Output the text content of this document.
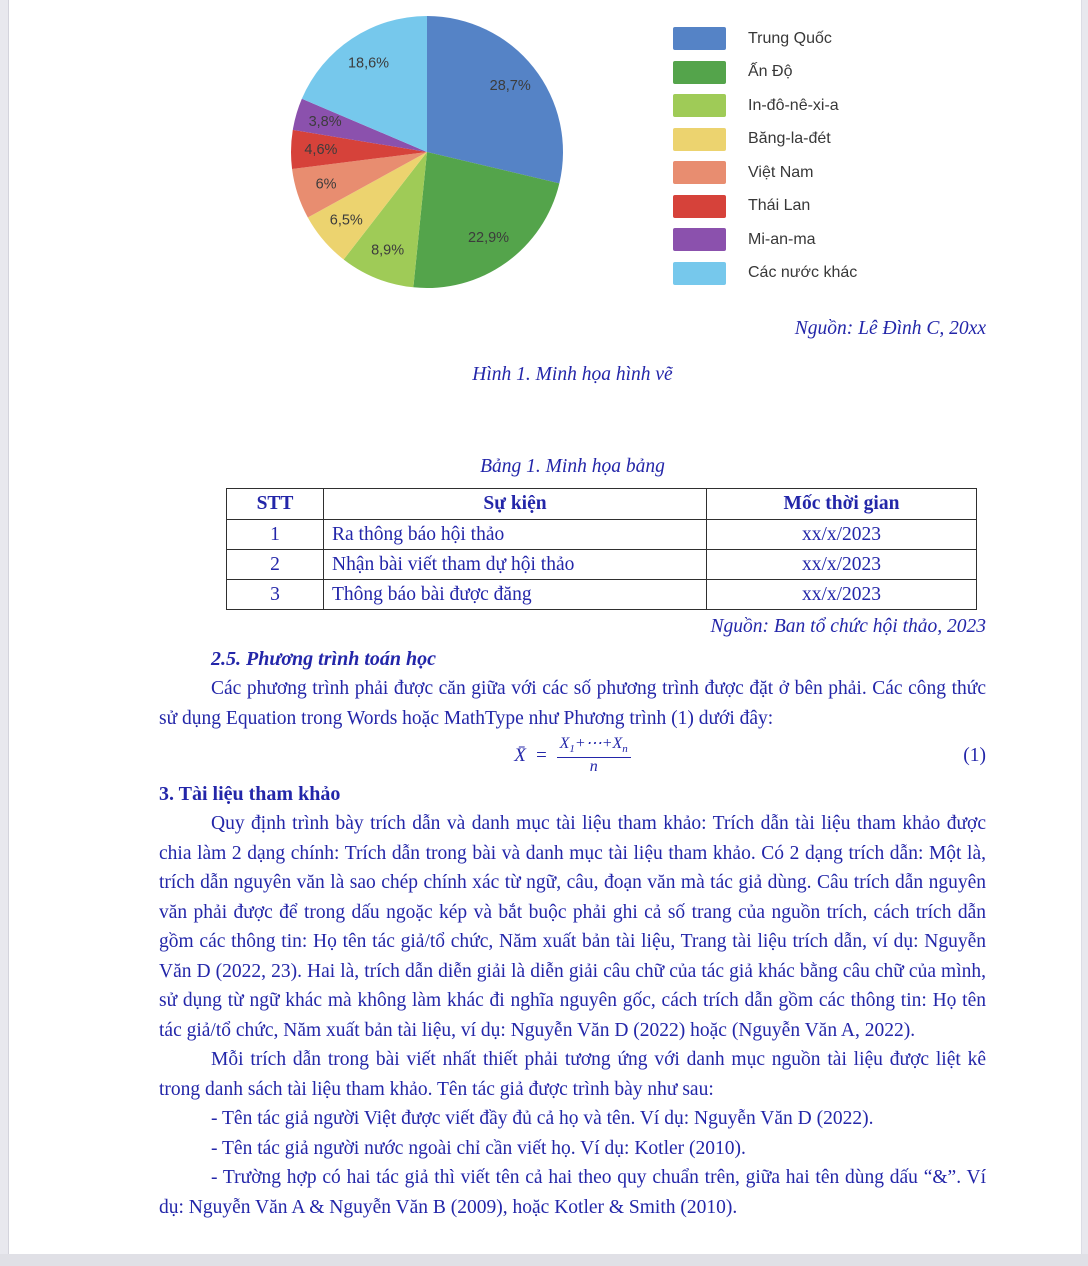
28,7%
22,9%
8,9%
6,5%
6%
4,6%
3,8%
18,6%
Trung Quốc
Ấn Độ
In-đô-nê-xi-a
Băng-la-đét
Việt Nam
Thái Lan
Mi-an-ma
Các nước khác

Nguồn: Lê Đình C, 20xx

Hình 1. Minh họa hình vẽ

Bảng 1. Minh họa bảng

STT	Sự kiện	Mốc thời gian
1	Ra thông báo hội thảo	xx/x/2023
2	Nhận bài viết tham dự hội thảo	xx/x/2023
3	Thông báo bài được đăng	xx/x/2023

Nguồn: Ban tổ chức hội thảo, 2023

2.5. Phương trình toán học

Các phương trình phải được căn giữa với các số phương trình được đặt ở bên phải. Các công thức sử dụng Equation trong Words hoặc MathType như Phương trình (1) dưới đây:

X̄ = $\frac{X_1+\cdots+X_n}{n}$	(1)

3. Tài liệu tham khảo

Quy định trình bày trích dẫn và danh mục tài liệu tham khảo: Trích dẫn tài liệu tham khảo được chia làm 2 dạng chính: Trích dẫn trong bài và danh mục tài liệu tham khảo. Có 2 dạng trích dẫn: Một là, trích dẫn nguyên văn là sao chép chính xác từ ngữ, câu, đoạn văn mà tác giả dùng. Câu trích dẫn nguyên văn phải được để trong dấu ngoặc kép và bắt buộc phải ghi cả số trang của nguồn trích, cách trích dẫn gồm các thông tin: Họ tên tác giả/tổ chức, Năm xuất bản tài liệu, Trang tài liệu trích dẫn, ví dụ: Nguyễn Văn D (2022, 23). Hai là, trích dẫn diễn giải là diễn giải câu chữ của tác giả khác bằng câu chữ của mình, sử dụng từ ngữ khác mà không làm khác đi nghĩa nguyên gốc, cách trích dẫn gồm các thông tin: Họ tên tác giả/tổ chức, Năm xuất bản tài liệu, ví dụ: Nguyễn Văn D (2022) hoặc (Nguyễn Văn A, 2022).

Mỗi trích dẫn trong bài viết nhất thiết phải tương ứng với danh mục nguồn tài liệu được liệt kê trong danh sách tài liệu tham khảo. Tên tác giả được trình bày như sau:

- Tên tác giả người Việt được viết đầy đủ cả họ và tên. Ví dụ: Nguyễn Văn D (2022).

- Tên tác giả người nước ngoài chỉ cần viết họ. Ví dụ: Kotler (2010).

- Trường hợp có hai tác giả thì viết tên cả hai theo quy chuẩn trên, giữa hai tên dùng dấu “&”. Ví dụ: Nguyễn Văn A & Nguyễn Văn B (2009), hoặc Kotler & Smith (2010).
